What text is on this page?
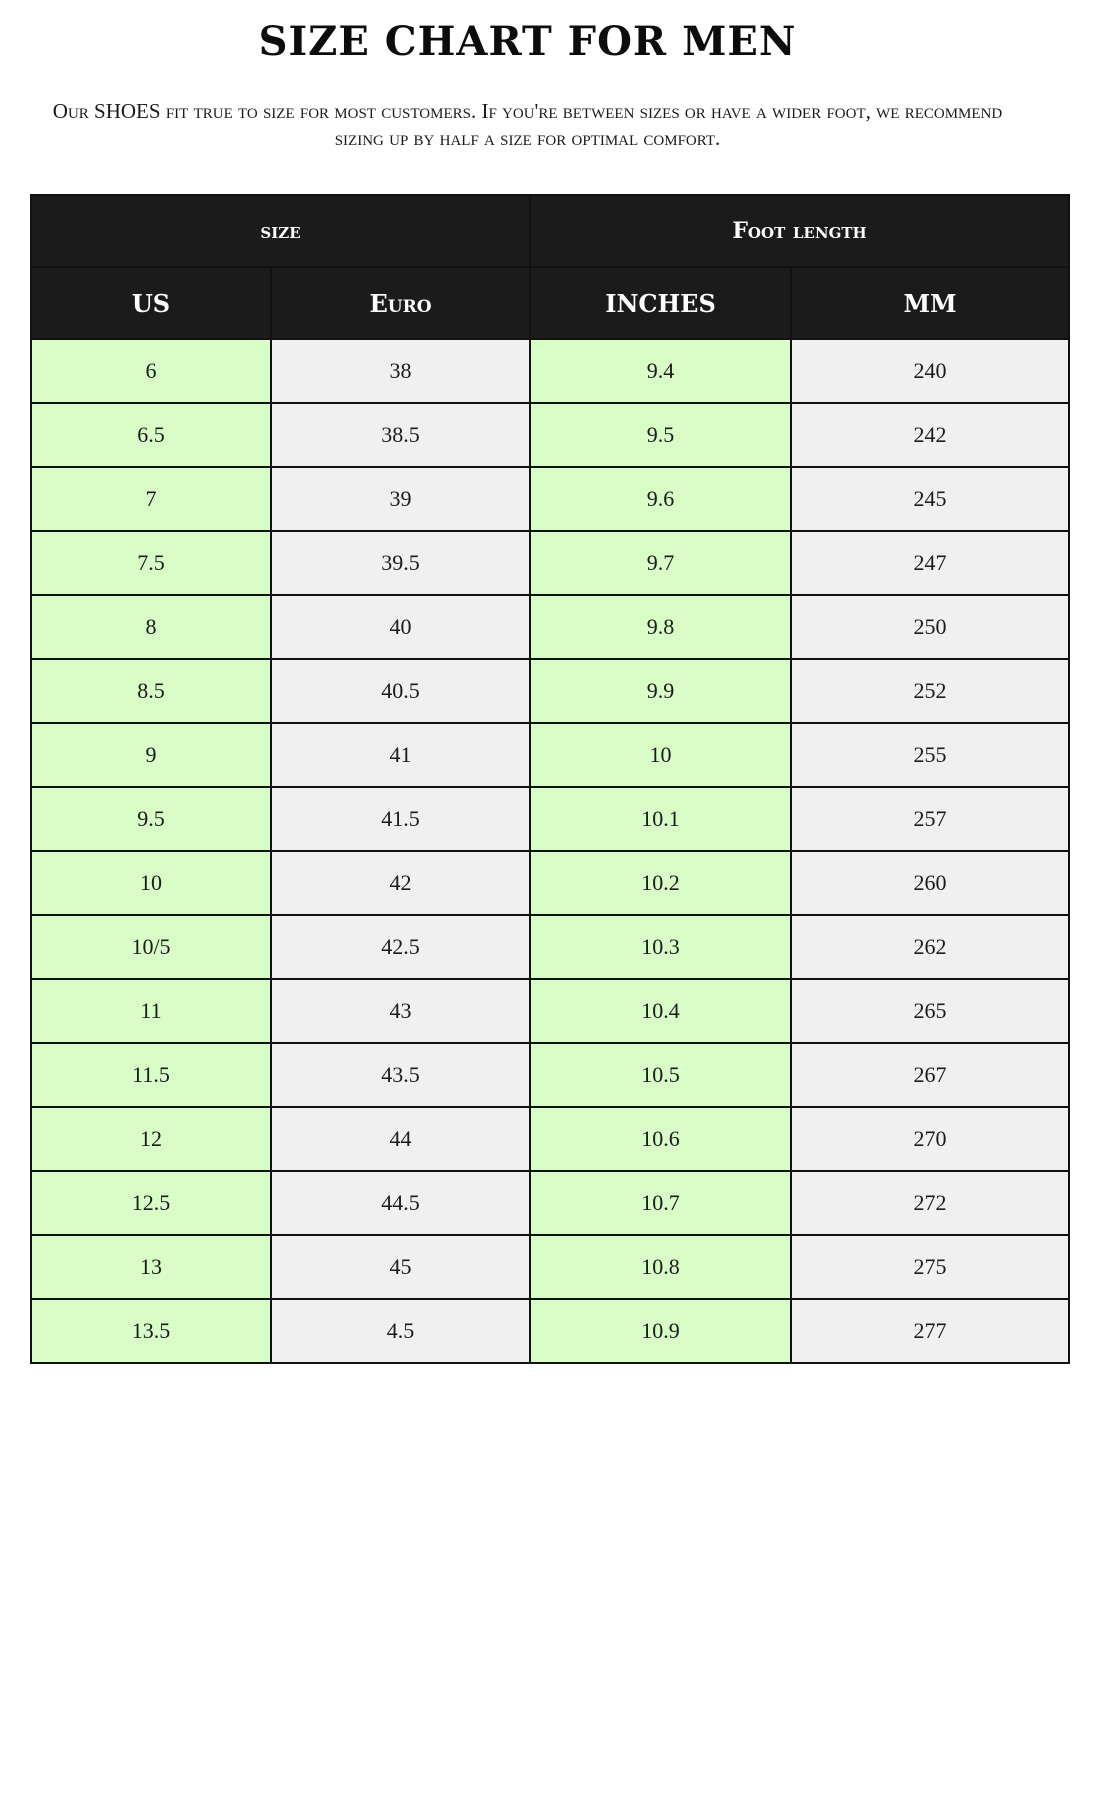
SIZE CHART FOR MEN

Our SHOES fit true to size for most customers. If you're between sizes or have a wider foot, we recommend sizing up by half a size for optimal comfort.

size		Foot length	
US	Euro	INCHES	MM
6	38	9.4	240
6.5	38.5	9.5	242
7	39	9.6	245
7.5	39.5	9.7	247
8	40	9.8	250
8.5	40.5	9.9	252
9	41	10	255
9.5	41.5	10.1	257
10	42	10.2	260
10/5	42.5	10.3	262
11	43	10.4	265
11.5	43.5	10.5	267
12	44	10.6	270
12.5	44.5	10.7	272
13	45	10.8	275
13.5	4.5	10.9	277
